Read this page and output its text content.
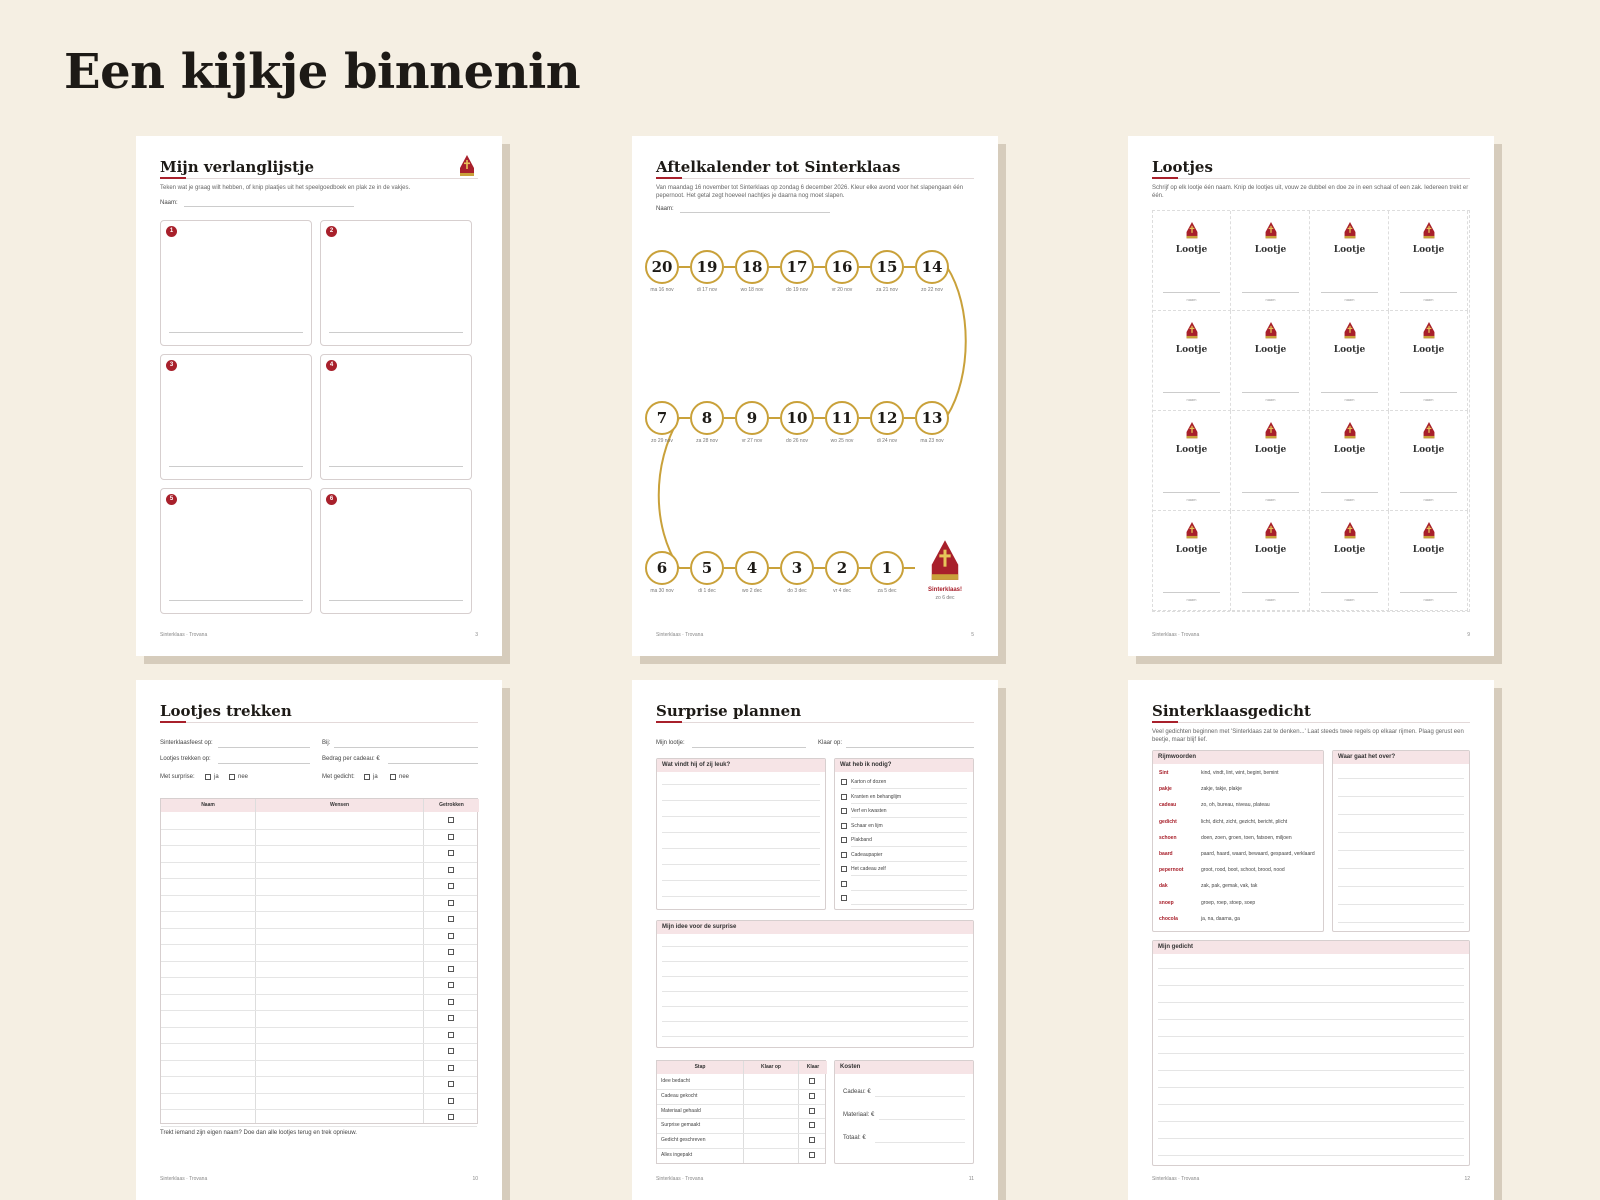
Een kijkje binnenin
Mijn verlanglijstje
Teken wat je graag wilt hebben, of knip plaatjes uit het speelgoedboek en plak ze in de vakjes.
Naam:
1	2
3	4
5	6
Sinterklaas · Trovana	3
Aftelkalender tot Sinterklaas
Van maandag 16 november tot Sinterklaas op zondag 6 december 2026. Kleur elke avond voor het slapengaan één pepernoot. Het getal zegt hoeveel nachtjes je daarna nog moet slapen.
Naam:
20
ma 16 nov
19
di 17 nov
18
wo 18 nov
17
do 19 nov
16
vr 20 nov
15
za 21 nov
14
zo 22 nov
7
zo 29 nov
8
za 28 nov
9
vr 27 nov
10
do 26 nov
11
wo 25 nov
12
di 24 nov
13
ma 23 nov
6
ma 30 nov
5
di 1 dec
4
wo 2 dec
3
do 3 dec
2
vr 4 dec
1
za 5 dec	Sinterklaas!
zo 6 dec
Sinterklaas · Trovana	5
Lootjes
Schrijf op elk lootje één naam. Knip de lootjes uit, vouw ze dubbel en doe ze in een schaal of een zak. Iedereen trekt er één.
Lootje
naam
Lootje
naam
Lootje
naam
Lootje
naam
Lootje
naam
Lootje
naam
Lootje
naam
Lootje
naam
Lootje
naam
Lootje
naam
Lootje
naam
Lootje
naam
Lootje
naam
Lootje
naam
Lootje
naam
Lootje
naam
Sinterklaas · Trovana	9
Lootjes trekken
Sinterklaasfeest op:	Bij:
Lootjes trekken op:	Bedrag per cadeau: €
Met surprise:	ja	nee	Met gedicht:	ja	nee
Naam	Wensen	Getrokken
Trekt iemand zijn eigen naam? Doe dan alle lootjes terug en trek opnieuw.
Sinterklaas · Trovana	10
Surprise plannen
Mijn lootje:	Klaar op:
Wat vindt hij of zij leuk?	Wat heb ik nodig?
Karton of dozen
Kranten en behanglijm
Verf en kwasten
Schaar en lijm
Plakband
Cadeaupapier
Het cadeau zelf
Mijn idee voor de surprise
Stap	Klaar op	Klaar
Idee bedacht
Cadeau gekocht
Materiaal gehaald
Surprise gemaakt
Gedicht geschreven
Alles ingepakt
Kosten
Cadeau: €
Materiaal: €
Totaal: €
Sinterklaas · Trovana	11
Sinterklaasgedicht
Veel gedichten beginnen met 'Sinterklaas zat te denken...' Laat steeds twee regels op elkaar rijmen. Plaag gerust een beetje, maar blijf lief.
Rijmwoorden
Sint	kind, vindt, lint, wint, begint, bemint
pakje	zakje, takje, plakje
cadeau	zo, oh, bureau, niveau, plateau
gedicht	licht, dicht, zicht, gezicht, bericht, plicht
schoen	doen, zoen, groen, toen, fatsoen, miljoen
baard	paard, haard, waard, bewaard, gespaard, verklaard
pepernoot	groot, rood, boot, schoot, brood, nood
dak	zak, pak, gemak, vak, tak
snoep	groep, roep, stoep, soep
chocola	ja, na, daarna, ga
Waar gaat het over?
Mijn gedicht
Sinterklaas · Trovana	12
